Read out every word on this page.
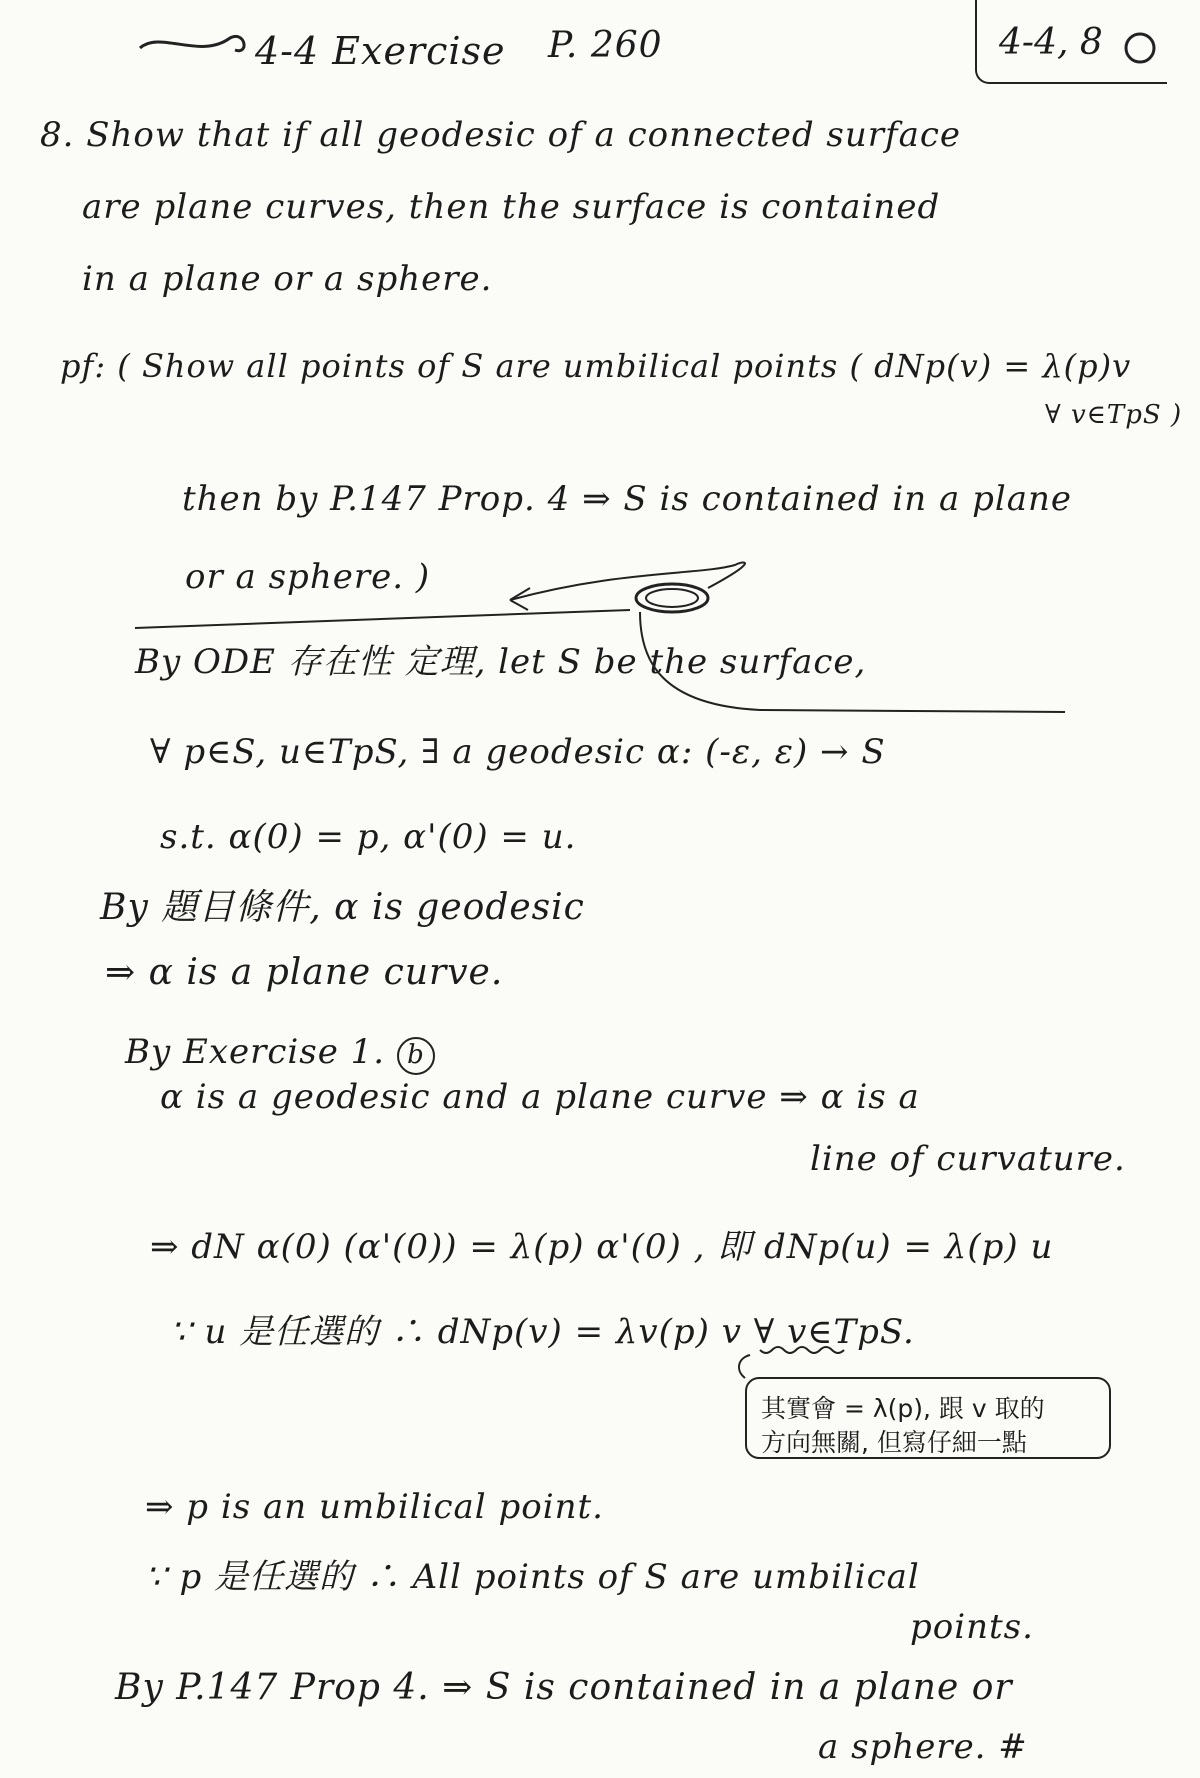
4-4 Exercise P. 260	4-4, 8
8. Show that if all geodesic of a connected surface
are plane curves, then the surface is contained
in a plane or a sphere.
pf: ( Show all points of S are umbilical points ( dNp(v) = λ(p)v
∀ v∈TpS )
then by P.147 Prop. 4 ⇒ S is contained in a plane
or a sphere. )
By ODE 存在性 定理, let S be the surface,
∀ p∈S, u∈TpS, ∃ a geodesic α: (-ε, ε) → S
s.t. α(0) = p, α'(0) = u.
By 題目條件, α is geodesic
⇒ α is a plane curve.
By Exercise 1. b
α is a geodesic and a plane curve ⇒ α is a
line of curvature.
⇒ dN α(0) (α'(0)) = λ(p) α'(0) , 即 dNp(u) = λ(p) u
∵ u 是任選的 ∴ dNp(v) = λv(p) v ∀ v∈TpS.
其實會 = λ(p), 跟 v 取的
方向無關, 但寫仔細一點
⇒ p is an umbilical point.
∵ p 是任選的 ∴ All points of S are umbilical
points.
By P.147 Prop 4. ⇒ S is contained in a plane or
a sphere. #
